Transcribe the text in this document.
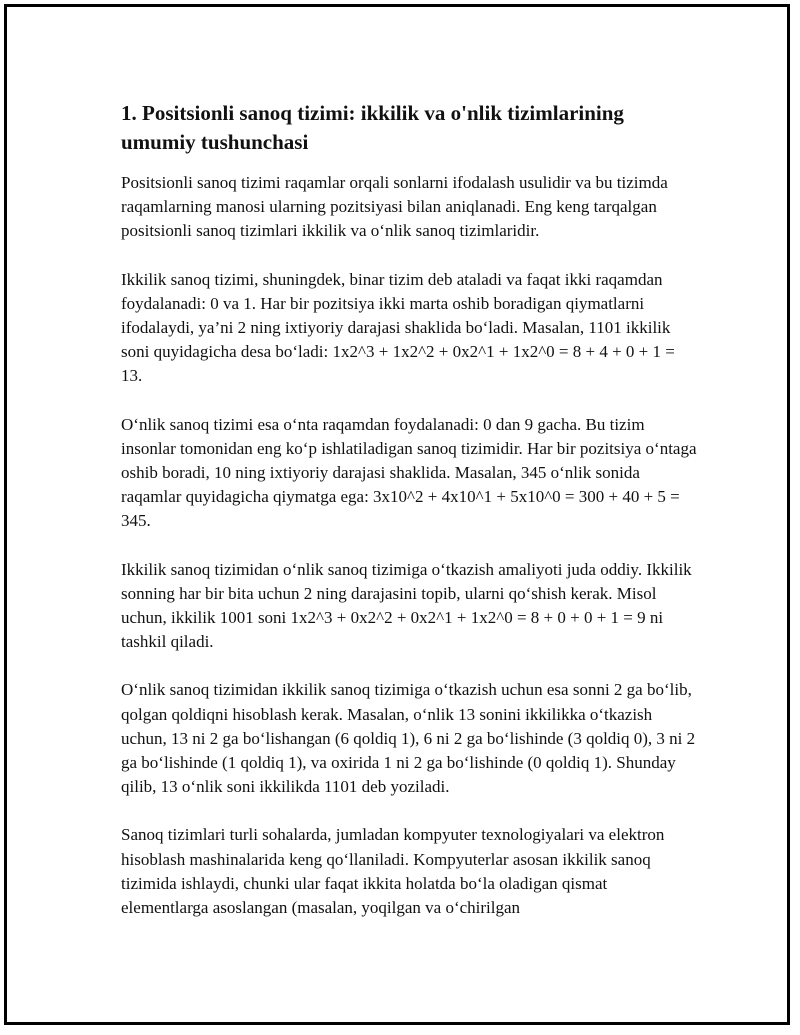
1. Positsionli sanoq tizimi: ikkilik va o'nlik tizimlarining umumiy tushunchasi

Positsionli sanoq tizimi raqamlar orqali sonlarni ifodalash usulidir va bu tizimda raqamlarning manosi ularning pozitsiyasi bilan aniqlanadi. Eng keng tarqalgan positsionli sanoq tizimlari ikkilik va o‘nlik sanoq tizimlaridir.

Ikkilik sanoq tizimi, shuningdek, binar tizim deb ataladi va faqat ikki raqamdan foydalanadi: 0 va 1. Har bir pozitsiya ikki marta oshib boradigan qiymatlarni ifodalaydi, ya’ni 2 ning ixtiyoriy darajasi shaklida bo‘ladi. Masalan, 1101 ikkilik soni quyidagicha desa bo‘ladi: 1x2^3 + 1x2^2 + 0x2^1 + 1x2^0 = 8 + 4 + 0 + 1 = 13.

O‘nlik sanoq tizimi esa o‘nta raqamdan foydalanadi: 0 dan 9 gacha. Bu tizim insonlar tomonidan eng ko‘p ishlatiladigan sanoq tizimidir. Har bir pozitsiya o‘ntaga oshib boradi, 10 ning ixtiyoriy darajasi shaklida. Masalan, 345 o‘nlik sonida raqamlar quyidagicha qiymatga ega: 3x10^2 + 4x10^1 + 5x10^0 = 300 + 40 + 5 = 345.

Ikkilik sanoq tizimidan o‘nlik sanoq tizimiga o‘tkazish amaliyoti juda oddiy. Ikkilik sonning har bir bita uchun 2 ning darajasini topib, ularni qo‘shish kerak. Misol uchun, ikkilik 1001 soni 1x2^3 + 0x2^2 + 0x2^1 + 1x2^0 = 8 + 0 + 0 + 1 = 9 ni tashkil qiladi.

O‘nlik sanoq tizimidan ikkilik sanoq tizimiga o‘tkazish uchun esa sonni 2 ga bo‘lib, qolgan qoldiqni hisoblash kerak. Masalan, o‘nlik 13 sonini ikkilikka o‘tkazish uchun, 13 ni 2 ga bo‘lishangan (6 qoldiq 1), 6 ni 2 ga bo‘lishinde (3 qoldiq 0), 3 ni 2 ga bo‘lishinde (1 qoldiq 1), va oxirida 1 ni 2 ga bo‘lishinde (0 qoldiq 1). Shunday qilib, 13 o‘nlik soni ikkilikda 1101 deb yoziladi.

Sanoq tizimlari turli sohalarda, jumladan kompyuter texnologiyalari va elektron hisoblash mashinalarida keng qo‘llaniladi. Kompyuterlar asosan ikkilik sanoq tizimida ishlaydi, chunki ular faqat ikkita holatda bo‘la oladigan qismat elementlarga asoslangan (masalan, yoqilgan va o‘chirilgan
